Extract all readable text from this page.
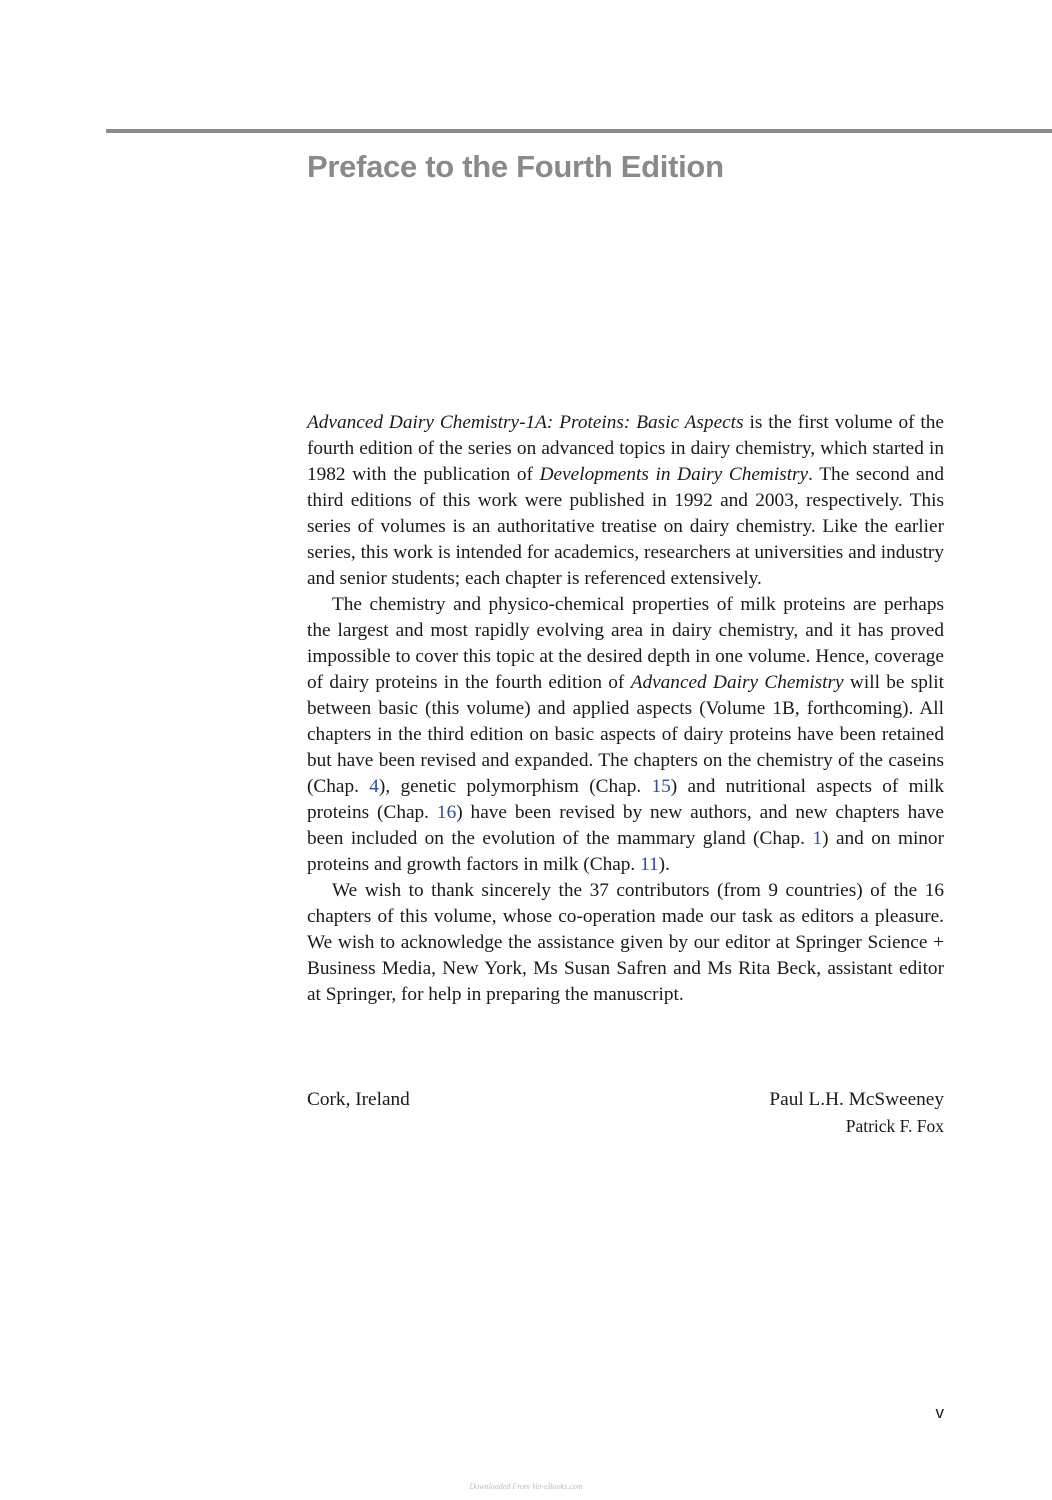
Preface to the Fourth Edition

Advanced Dairy Chemistry-1A: Proteins: Basic Aspects is the first volume of the fourth edition of the series on advanced topics in dairy chemistry, which started in 1982 with the publication of Developments in Dairy Chemistry. The second and third editions of this work were published in 1992 and 2003, respectively. This series of volumes is an authoritative treatise on dairy chemistry. Like the earlier series, this work is intended for academics, researchers at universities and industry and senior students; each chapter is referenced extensively.

The chemistry and physico-chemical properties of milk proteins are perhaps the largest and most rapidly evolving area in dairy chemistry, and it has proved impossible to cover this topic at the desired depth in one volume. Hence, coverage of dairy proteins in the fourth edition of Advanced Dairy Chemistry will be split between basic (this volume) and applied aspects (Volume 1B, forthcoming). All chapters in the third edition on basic aspects of dairy proteins have been retained but have been revised and expanded. The chapters on the chemistry of the caseins (Chap. 4), genetic polymorphism (Chap. 15) and nutritional aspects of milk proteins (Chap. 16) have been revised by new authors, and new chapters have been included on the evolution of the mammary gland (Chap. 1) and on minor proteins and growth factors in milk (Chap. 11).

We wish to thank sincerely the 37 contributors (from 9 countries) of the 16 chapters of this volume, whose co-operation made our task as editors a pleasure. We wish to acknowledge the assistance given by our editor at Springer Science + Business Media, New York, Ms Susan Safren and Ms Rita Beck, assistant editor at Springer, for help in preparing the manuscript.

Cork, Ireland	Paul L.H. McSweeney
Patrick F. Fox
v
Downloaded From Vet-eBooks.com
